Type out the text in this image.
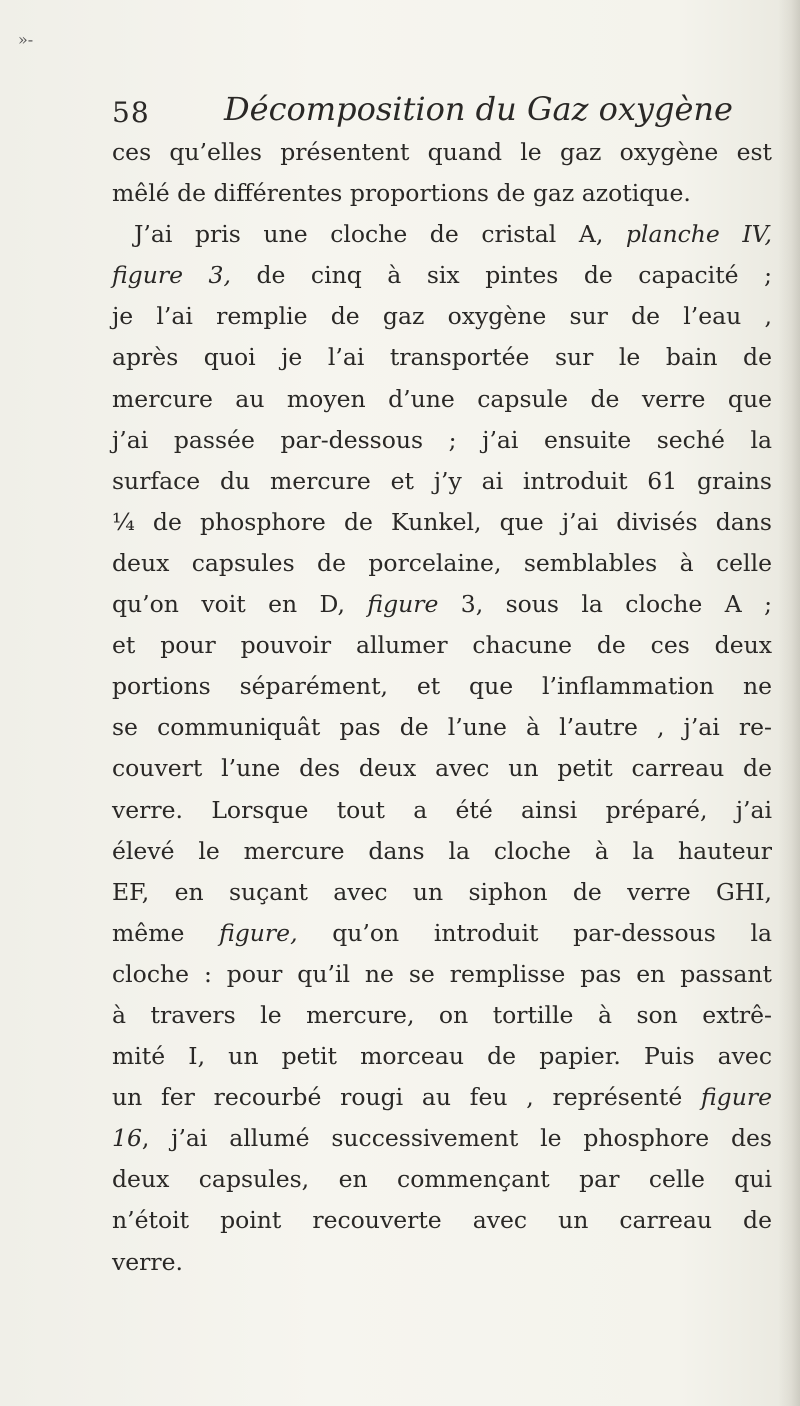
»-
58 Décomposition du Gaz oxygène
ces qu’elles présentent quand le gaz oxygène est
mêlé de différentes proportions de gaz azotique.
J’ai pris une cloche de cristal A, planche IV,
figure 3, de cinq à six pintes de capacité ;
je l’ai remplie de gaz oxygène sur de l’eau ,
après quoi je l’ai transportée sur le bain de
mercure au moyen d’une capsule de verre que
j’ai passée par-dessous ; j’ai ensuite seché la
surface du mercure et j’y ai introduit 61 grains
¼ de phosphore de Kunkel, que j’ai divisés dans
deux capsules de porcelaine, semblables à celle
qu’on voit en D, figure 3, sous la cloche A ;
et pour pouvoir allumer chacune de ces deux
portions séparément, et que l’inflammation ne
se communiquât pas de l’une à l’autre , j’ai re-
couvert l’une des deux avec un petit carreau de
verre. Lorsque tout a été ainsi préparé, j’ai
élevé le mercure dans la cloche à la hauteur
EF, en suçant avec un siphon de verre GHI,
même figure, qu’on introduit par-dessous la
cloche : pour qu’il ne se remplisse pas en passant
à travers le mercure, on tortille à son extrê-
mité I, un petit morceau de papier. Puis avec
un fer recourbé rougi au feu , représenté figure
16, j’ai allumé successivement le phosphore des
deux capsules, en commençant par celle qui
n’étoit point recouverte avec un carreau de
verre.
